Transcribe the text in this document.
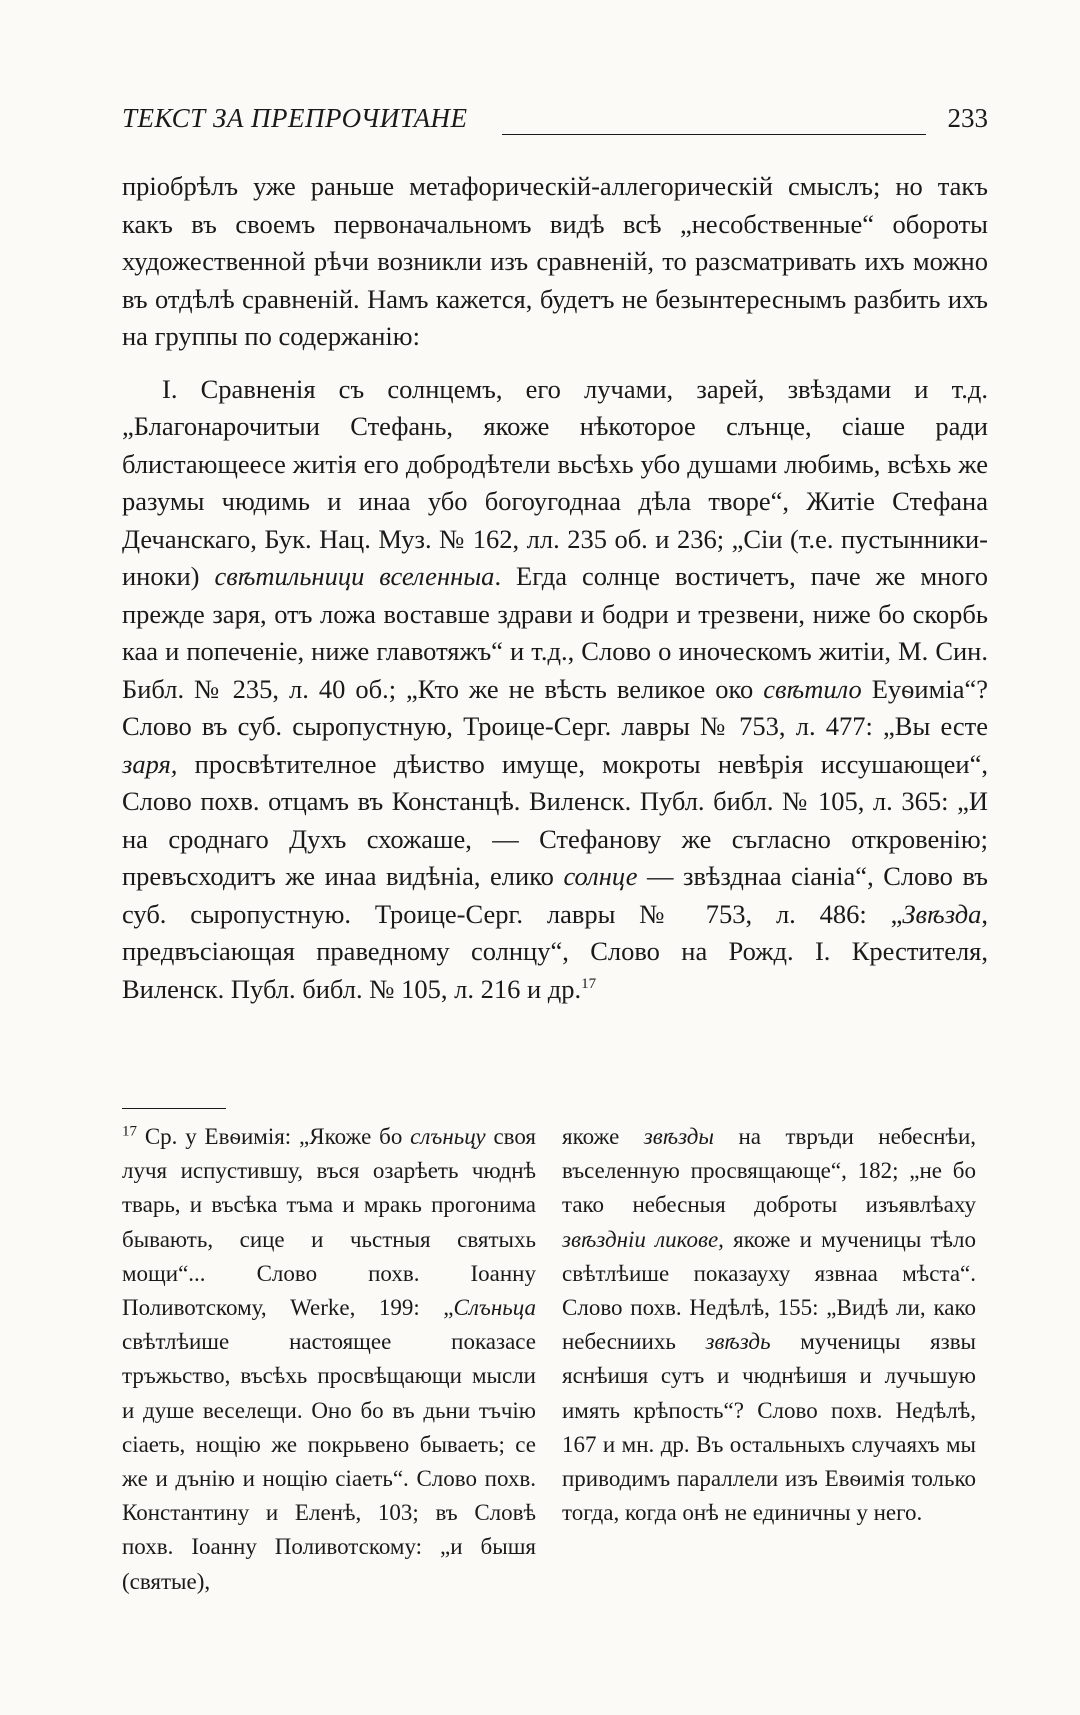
ТЕКСТ ЗА ПРЕПРОЧИТАНЕ	233

пріобрѣлъ уже раньше метафорическій-аллегорическій смыслъ; но такъ какъ въ своемъ первоначальномъ видѣ всѣ „несобственные“ обороты художественной рѣчи возникли изъ сравненій, то разсматривать ихъ можно въ отдѣлѣ сравненій. Намъ кажется, будетъ не безынтереснымъ разбить ихъ на группы по содержанію:

I. Сравненія съ солнцемъ, его лучами, зарей, звѣздами и т.д. „Благонарочитыи Стефань, якоже нѣкоторое слънце, сіаше ради блистающеесе житія его добродѣтели вьсѣхь убо душами любимь, всѣхь же разумы чюдимь и инаа убо богоугоднаа дѣла творе“, Житіе Стефана Дечанскаго, Бук. Нац. Муз. № 162, лл. 235 об. и 236; „Сіи (т.е. пустынники-иноки) свѣтильници вселенныа. Егда солнце востичетъ, паче же много прежде заря, отъ ложа воставше здрави и бодри и трезвени, ниже бо скорбь каа и попеченіе, ниже главотяжъ“ и т.д., Слово о иноческомъ житіи, М. Син. Библ. № 235, л. 40 об.; „Кто же не вѣсть великое око свѣтило Еуѳиміа“? Слово въ суб. сыропустную, Троице-Серг. лавры № 753, л. 477: „Вы есте заря, просвѣтителное дѣиство имуще, мокроты невѣрія иссушающеи“, Слово похв. отцамъ въ Констанцѣ. Виленск. Публ. библ. № 105, л. 365: „И на сроднаго Духъ схожаше, — Стефанову же съгласно откровенію; превъсходитъ же инаа видѣніа, елико солнце — звѣзднаа сіаніа“, Слово въ суб. сыропустную. Троице-Серг. лавры № 753, л. 486: „Звѣзда, предвъсіающая праведному солнцу“, Слово на Рожд. I. Крестителя, Виленск. Публ. библ. № 105, л. 216 и др.$^{17}$

$^{17}$ Ср. у Евѳимія: „Якоже бо слъньцу своя лучя испустившу, въся озарѣеть чюднѣ тварь, и въсѣка тъма и мракь прогонима бывають, сице и чьстныя святыхь мощи“... Слово похв. Іоанну Поливотскому, Werke, 199: „Слъньца свѣтлѣише настоящее показасе тръжьство, въсѣхь просвѣщающи мысли и душе веселещи. Оно бо въ дьни тъчію сіаеть, нощію же покрьвено бываеть; се же и дънію и нощію сіаеть“. Слово похв. Константину и Еленѣ, 103; въ Словѣ похв. Іоанну Поливотскому: „и бышя (святые),
якоже звѣзды на твръди небеснѣи, въселенную просвящающе“, 182; „не бо тако небесныя доброты изъявлѣаху звѣздніи ликове, якоже и мученицы тѣло свѣтлѣише показауху язвнаа мѣста“. Слово похв. Недѣлѣ, 155: „Видѣ ли, како небесниихь звѣздь мученицы язвы яснѣишя сутъ и чюднѣишя и лучьшую имять крѣпость“? Слово похв. Недѣлѣ, 167 и мн. др. Въ остальныхъ случаяхъ мы приводимъ параллели изъ Евѳимія только тогда, когда онѣ не единичны у него.
